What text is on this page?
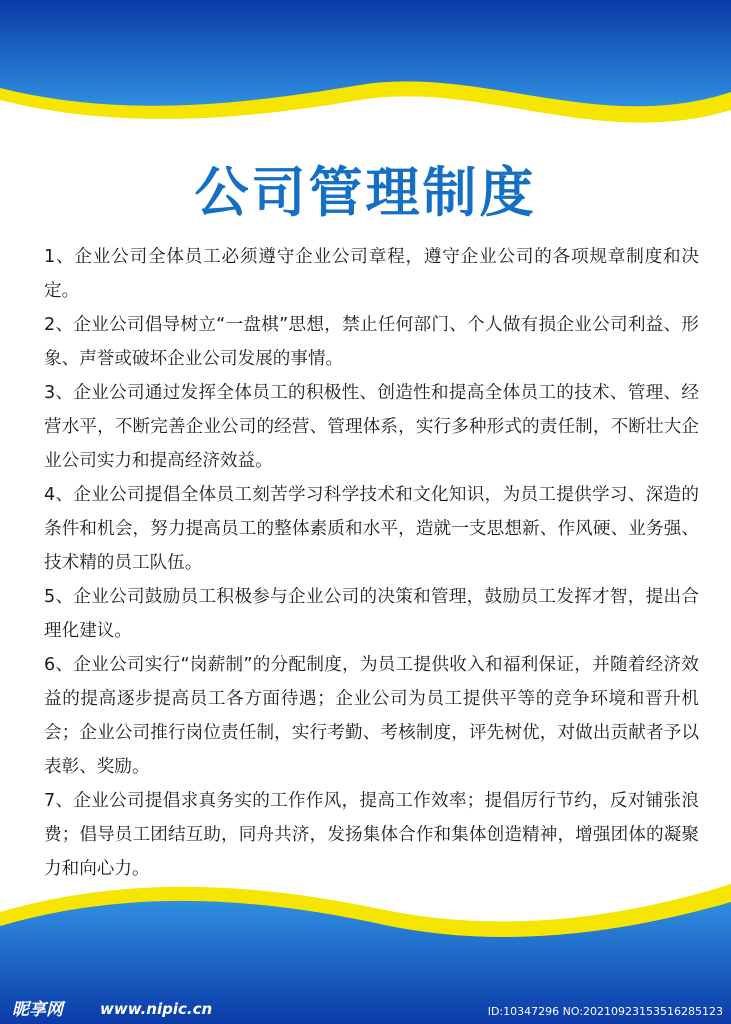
公司管理制度
1、企业公司全体员工必须遵守企业公司章程，遵守企业公司的各项规章制度和决定。
2、企业公司倡导树立“一盘棋”思想，禁止任何部门、个人做有损企业公司利益、形象、声誉或破坏企业公司发展的事情。
3、企业公司通过发挥全体员工的积极性、创造性和提高全体员工的技术、管理、经营水平，不断完善企业公司的经营、管理体系，实行多种形式的责任制，不断壮大企业公司实力和提高经济效益。
4、企业公司提倡全体员工刻苦学习科学技术和文化知识，为员工提供学习、深造的条件和机会，努力提高员工的整体素质和水平，造就一支思想新、作风硬、业务强、技术精的员工队伍。
5、企业公司鼓励员工积极参与企业公司的决策和管理，鼓励员工发挥才智，提出合理化建议。
6、企业公司实行“岗薪制”的分配制度，为员工提供收入和福利保证，并随着经济效益的提高逐步提高员工各方面待遇；企业公司为员工提供平等的竞争环境和晋升机会；企业公司推行岗位责任制，实行考勤、考核制度，评先树优，对做出贡献者予以表彰、奖励。
7、企业公司提倡求真务实的工作作风，提高工作效率；提倡厉行节约，反对铺张浪费；倡导员工团结互助，同舟共济，发扬集体合作和集体创造精神，增强团体的凝聚力和向心力。
昵享网 www.nipic.cn	ID:10347296 NO:20210923153516285123
